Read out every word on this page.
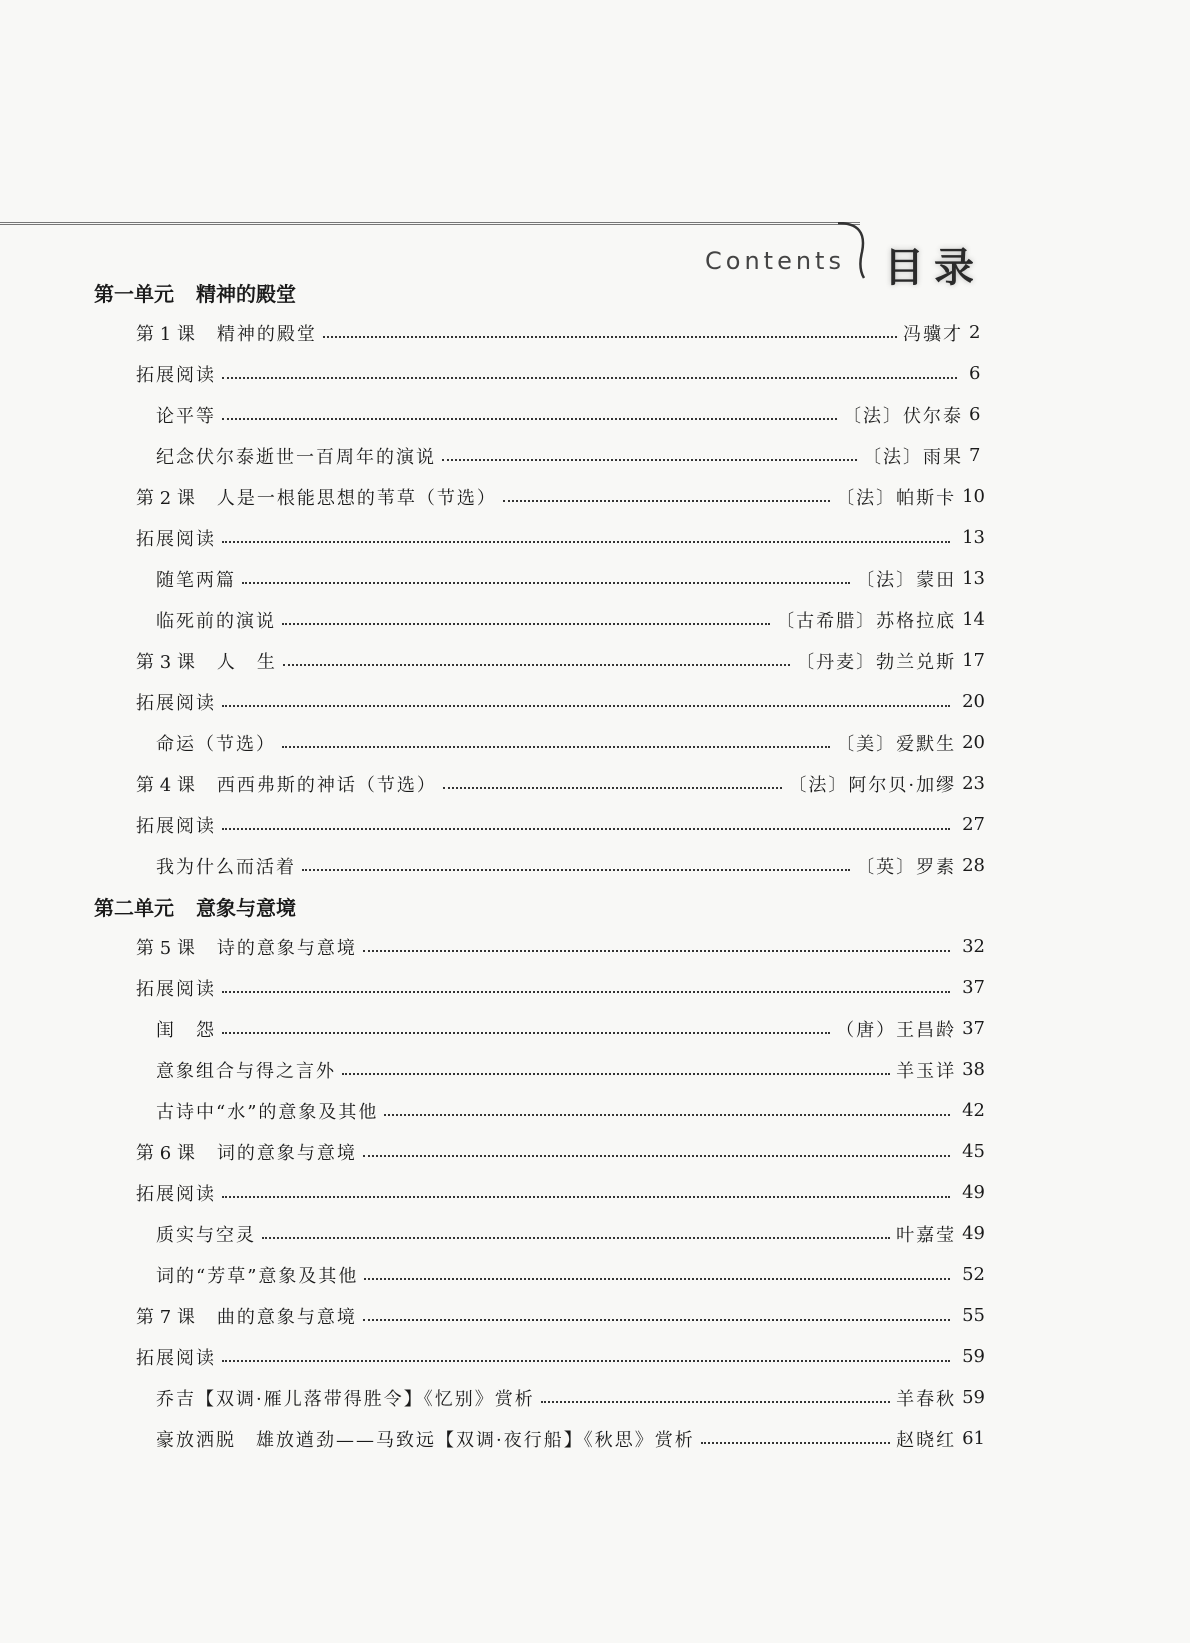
Contents 目录
第一单元 精神的殿堂
第 1 课 精神的殿堂	冯骥才 2
拓展阅读	6
论平等	〔法〕伏尔泰 6
纪念伏尔泰逝世一百周年的演说	〔法〕雨果 7
第 2 课 人是一根能思想的苇草（节选）	〔法〕帕斯卡 10
拓展阅读	13
随笔两篇	〔法〕蒙田 13
临死前的演说	〔古希腊〕苏格拉底 14
第 3 课 人　生	〔丹麦〕勃兰兑斯 17
拓展阅读	20
命运（节选）	〔美〕爱默生 20
第 4 课 西西弗斯的神话（节选）	〔法〕阿尔贝·加缪 23
拓展阅读	27
我为什么而活着	〔英〕罗素 28
第二单元 意象与意境
第 5 课 诗的意象与意境	32
拓展阅读	37
闺　怨	（唐）王昌龄 37
意象组合与得之言外	羊玉详 38
古诗中“水”的意象及其他	42
第 6 课 词的意象与意境	45
拓展阅读	49
质实与空灵	叶嘉莹 49
词的“芳草”意象及其他	52
第 7 课 曲的意象与意境	55
拓展阅读	59
乔吉【双调·雁儿落带得胜令】《忆别》赏析	羊春秋 59
豪放洒脱　雄放遒劲——马致远【双调·夜行船】《秋思》赏析	赵晓红 61
